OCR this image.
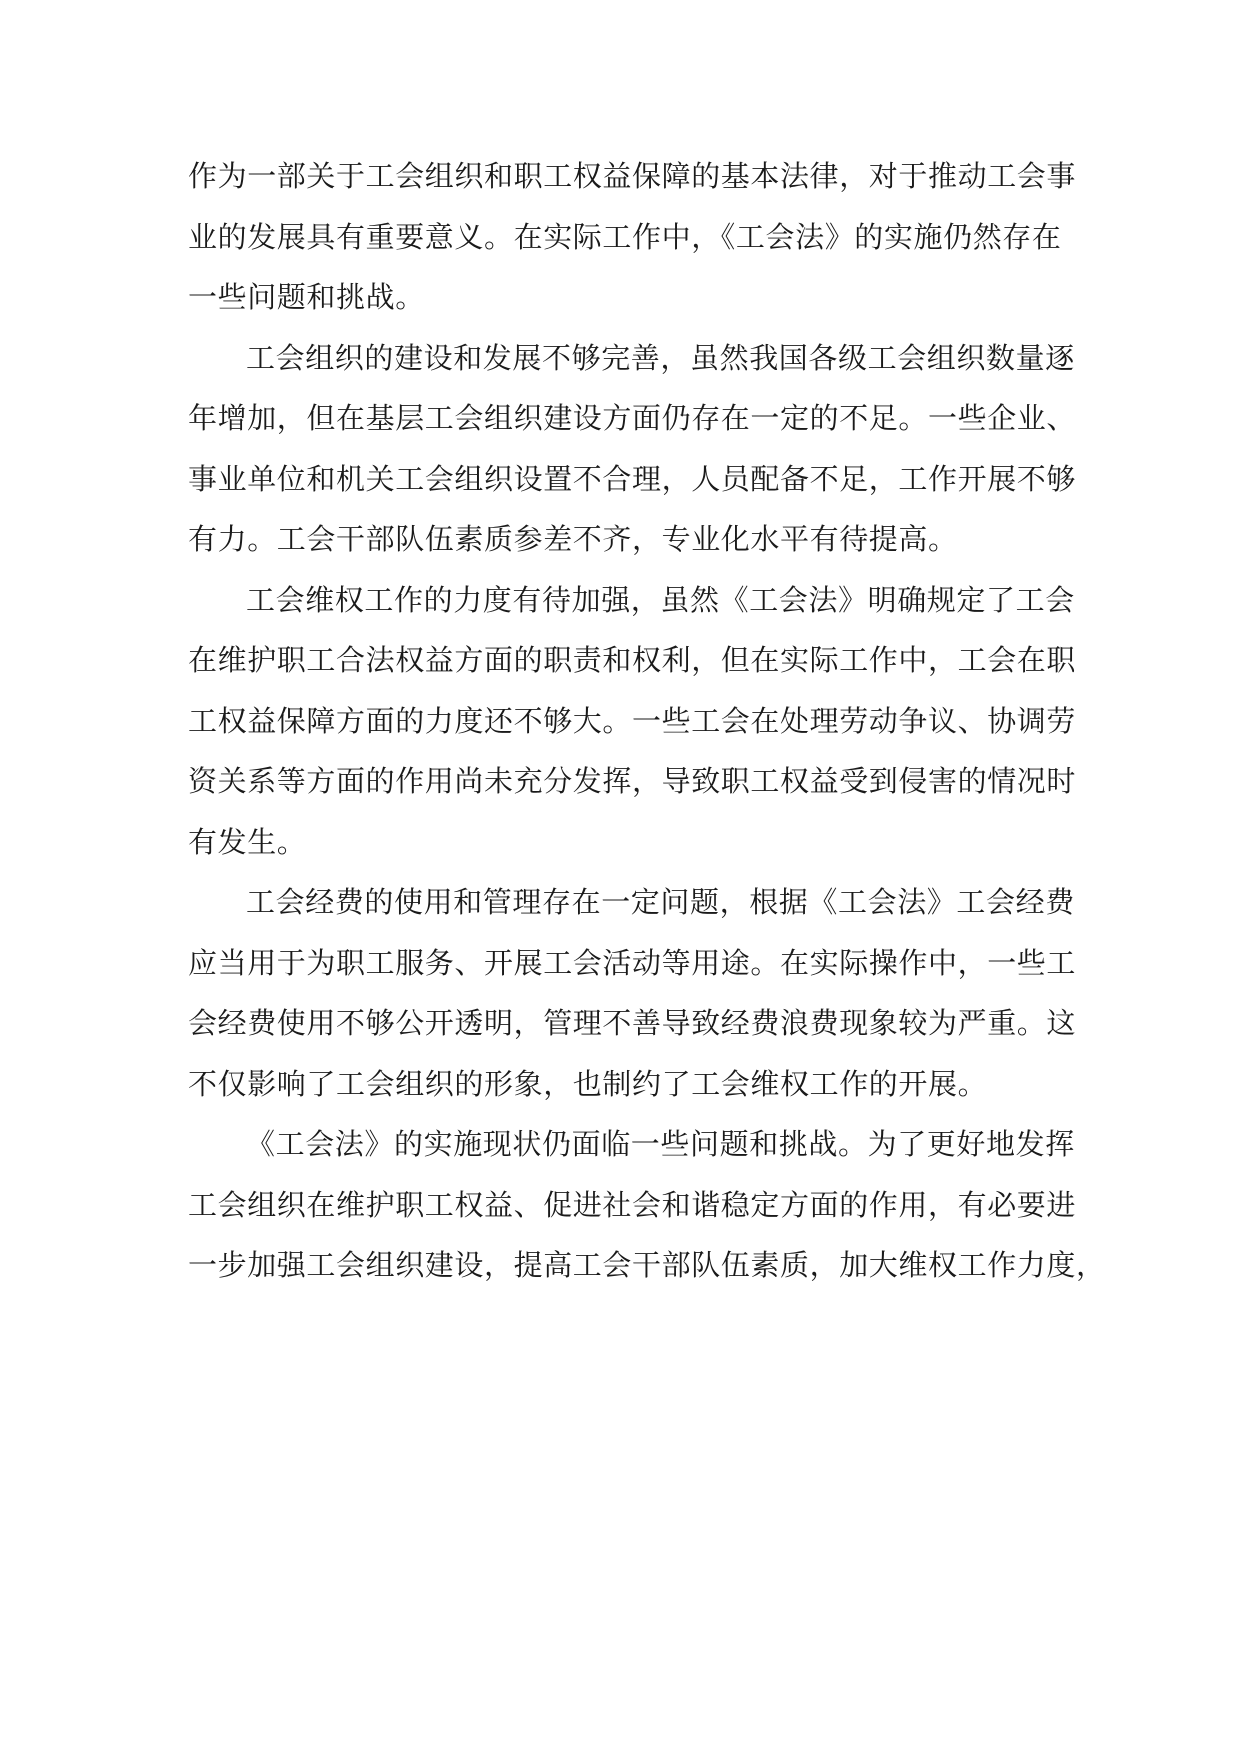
作为一部关于工会组织和职工权益保障的基本法律，对于推动工会事
业的发展具有重要意义。在实际工作中，《工会法》的实施仍然存在
一些问题和挑战。
工会组织的建设和发展不够完善，虽然我国各级工会组织数量逐
年增加，但在基层工会组织建设方面仍存在一定的不足。一些企业、
事业单位和机关工会组织设置不合理，人员配备不足，工作开展不够
有力。工会干部队伍素质参差不齐，专业化水平有待提高。
工会维权工作的力度有待加强，虽然《工会法》明确规定了工会
在维护职工合法权益方面的职责和权利，但在实际工作中，工会在职
工权益保障方面的力度还不够大。一些工会在处理劳动争议、协调劳
资关系等方面的作用尚未充分发挥，导致职工权益受到侵害的情况时
有发生。
工会经费的使用和管理存在一定问题，根据《工会法》工会经费
应当用于为职工服务、开展工会活动等用途。在实际操作中，一些工
会经费使用不够公开透明，管理不善导致经费浪费现象较为严重。这
不仅影响了工会组织的形象，也制约了工会维权工作的开展。
《工会法》的实施现状仍面临一些问题和挑战。为了更好地发挥
工会组织在维护职工权益、促进社会和谐稳定方面的作用，有必要进
一步加强工会组织建设，提高工会干部队伍素质，加大维权工作力度，
